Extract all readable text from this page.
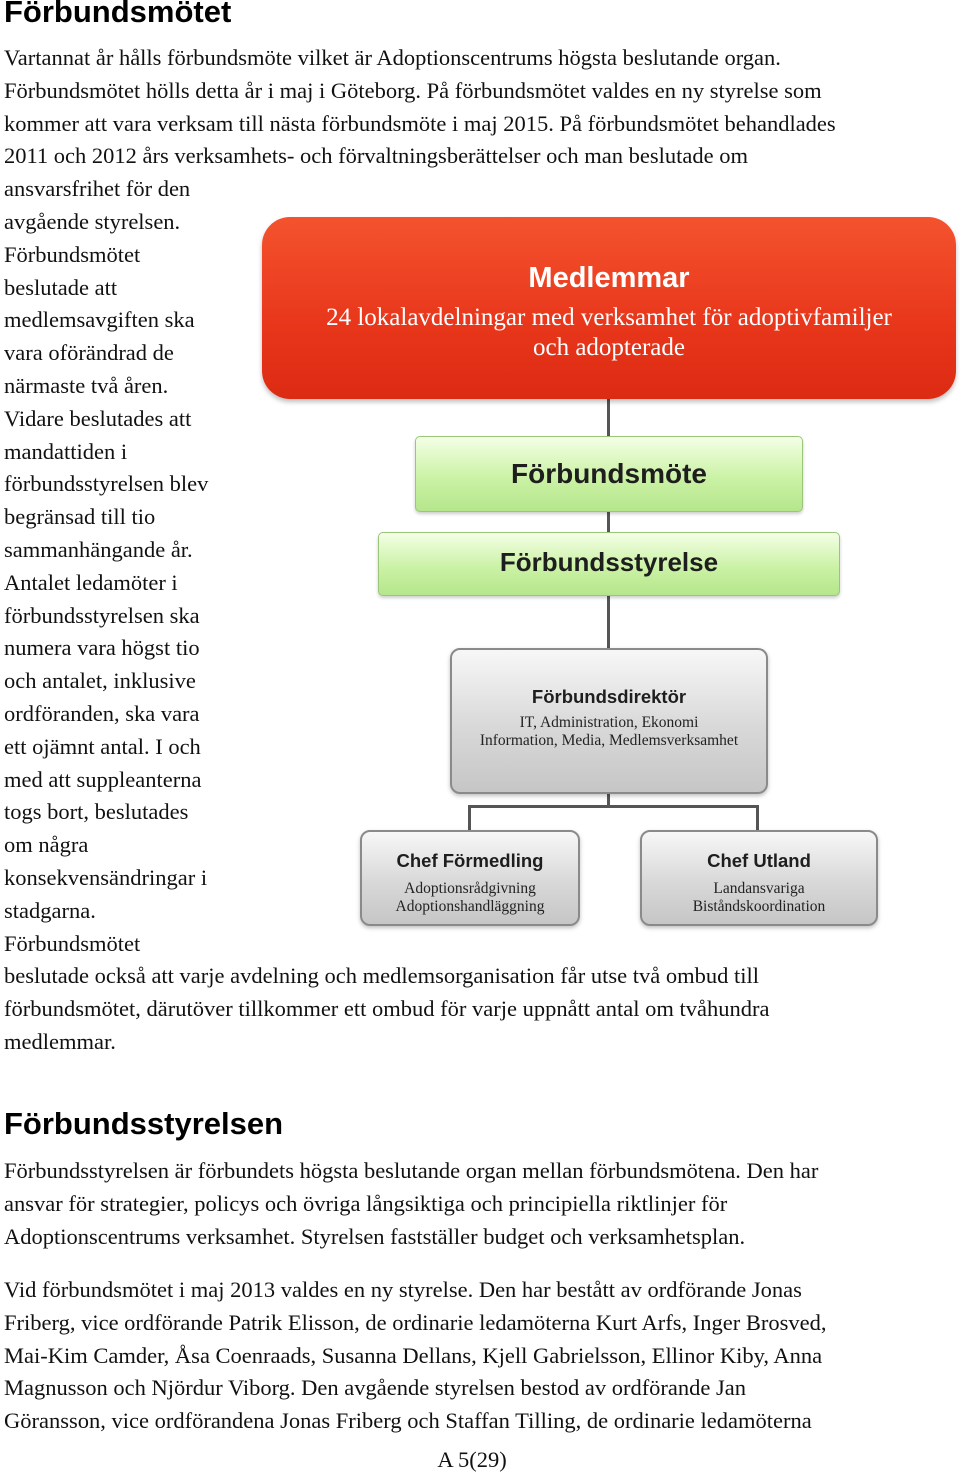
Förbundsmötet
Vartannat år hålls förbundsmöte vilket är Adoptionscentrums högsta beslutande organ.
Förbundsmötet hölls detta år i maj i Göteborg. På förbundsmötet valdes en ny styrelse som
kommer att vara verksam till nästa förbundsmöte i maj 2015. På förbundsmötet behandlades
2011 och 2012 års verksamhets- och förvaltningsberättelser och man beslutade om
ansvarsfrihet för den
avgående styrelsen.
Förbundsmötet
beslutade att
medlemsavgiften ska
vara oförändrad de
närmaste två åren.
Vidare beslutades att
mandattiden i
förbundsstyrelsen blev
begränsad till tio
sammanhängande år.
Antalet ledamöter i
förbundsstyrelsen ska
numera vara högst tio
och antalet, inklusive
ordföranden, ska vara
ett ojämnt antal. I och
med att suppleanterna
togs bort, beslutades
om några
konsekvensändringar i
stadgarna.
Förbundsmötet
beslutade också att varje avdelning och medlemsorganisation får utse två ombud till
förbundsmötet, därutöver tillkommer ett ombud för varje uppnått antal om tvåhundra
medlemmar.
Medlemmar
24 lokalavdelningar med verksamhet för adoptivfamiljer
och adopterade
Förbundsmöte
Förbundsstyrelse
Förbundsdirektör
IT, Administration, Ekonomi
Information, Media, Medlemsverksamhet
Chef Förmedling
Adoptionsrådgivning
Adoptionshandläggning
Chef Utland
Landansvariga
Biståndskoordination
Förbundsstyrelsen
Förbundsstyrelsen är förbundets högsta beslutande organ mellan förbundsmötena. Den har
ansvar för strategier, policys och övriga långsiktiga och principiella riktlinjer för
Adoptionscentrums verksamhet. Styrelsen fastställer budget och verksamhetsplan.
Vid förbundsmötet i maj 2013 valdes en ny styrelse. Den har bestått av ordförande Jonas
Friberg, vice ordförande Patrik Elisson, de ordinarie ledamöterna Kurt Arfs, Inger Brosved,
Mai-Kim Camder, Åsa Coenraads, Susanna Dellans, Kjell Gabrielsson, Ellinor Kiby, Anna
Magnusson och Njördur Viborg. Den avgående styrelsen bestod av ordförande Jan
Göransson, vice ordförandena Jonas Friberg och Staffan Tilling, de ordinarie ledamöterna
A 5(29)
